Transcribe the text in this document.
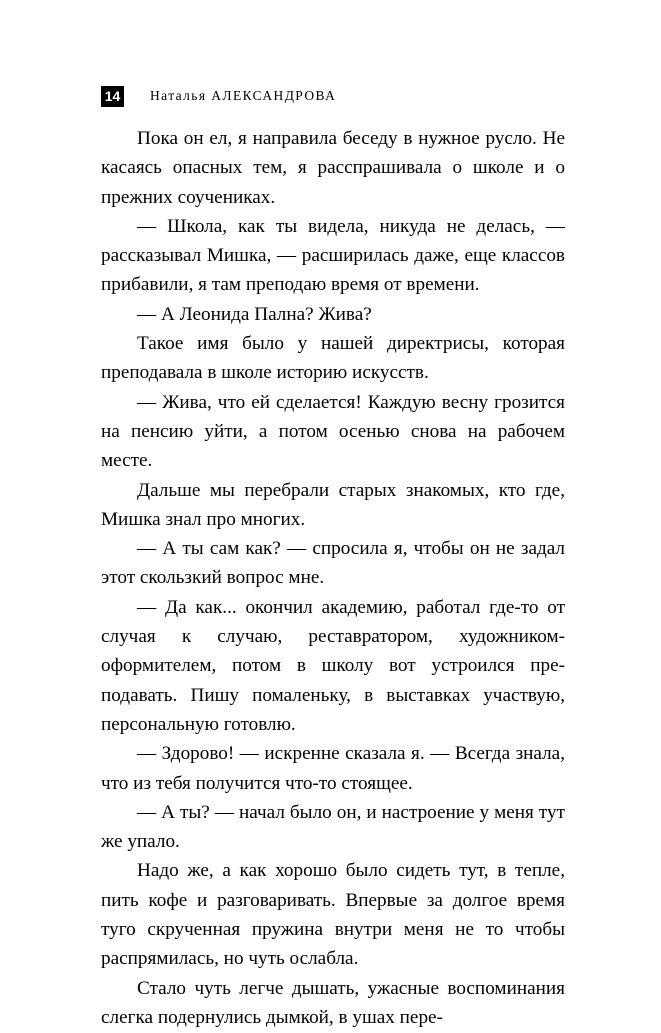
14 Наталья АЛЕКСАНДРОВА

Пока он ел, я направила беседу в нужное русло. Не касаясь опасных тем, я расспрашивала о школе и о прежних соучениках.

— Школа, как ты видела, никуда не делась, — рассказывал Мишка, — расширилась даже, еще классов прибавили, я там преподаю время от времени.

— А Леонида Пална? Жива?

Такое имя было у нашей директрисы, которая преподавала в школе историю искусств.

— Жива, что ей сделается! Каждую весну грозится на пенсию уйти, а потом осенью снова на рабочем месте.

Дальше мы перебрали старых знакомых, кто где, Мишка знал про многих.

— А ты сам как? — спросила я, чтобы он не задал этот скользкий вопрос мне.

— Да как... окончил академию, работал где-то от случая к случаю, реставратором, художником-оформителем, потом в школу вот устроился преподавать. Пишу помаленьку, в выставках участвую, персональную готовлю.

— Здорово! — искренне сказала я. — Всегда знала, что из тебя получится что-то стоящее.

— А ты? — начал было он, и настроение у меня тут же упало.

Надо же, а как хорошо было сидеть тут, в тепле, пить кофе и разговаривать. Впервые за долгое время туго скрученная пружина внутри меня не то чтобы распрямилась, но чуть ослабла.

Стало чуть легче дышать, ужасные воспоминания слегка подернулись дымкой, в ушах пере-
